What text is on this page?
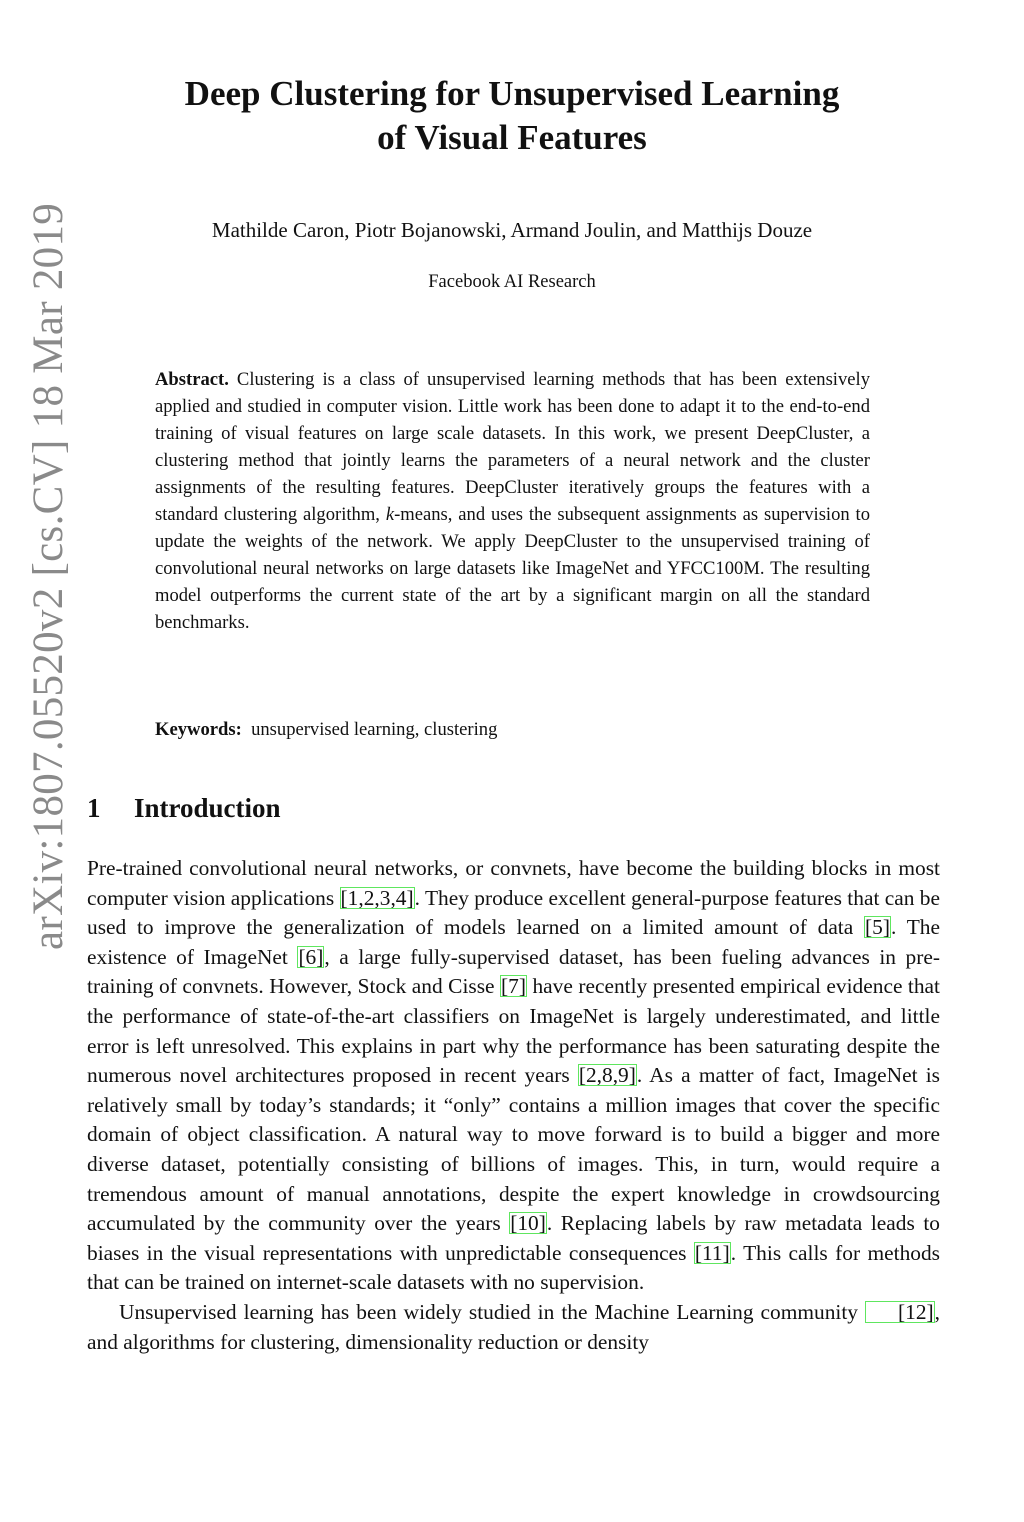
arXiv:1807.05520v2 [cs.CV] 18 Mar 2019
Deep Clustering for Unsupervised Learning
of Visual Features
Mathilde Caron, Piotr Bojanowski, Armand Joulin, and Matthijs Douze
Facebook AI Research
Abstract. Clustering is a class of unsupervised learning methods that has been extensively applied and studied in computer vision. Little work has been done to adapt it to the end-to-end training of visual features on large scale datasets. In this work, we present DeepCluster, a clustering method that jointly learns the parameters of a neural network and the cluster assignments of the resulting features. DeepCluster iteratively groups the features with a standard clustering algorithm, k-means, and uses the subsequent assignments as supervision to update the weights of the network. We apply DeepCluster to the unsupervised training of convolutional neural networks on large datasets like ImageNet and YFCC100M. The resulting model outperforms the current state of the art by a significant margin on all the standard benchmarks.
Keywords: unsupervised learning, clustering
1 Introduction

Pre-trained convolutional neural networks, or convnets, have become the building blocks in most computer vision applications [1,2,3,4]. They produce excellent general-purpose features that can be used to improve the generalization of models learned on a limited amount of data [5]. The existence of ImageNet [6], a large fully-supervised dataset, has been fueling advances in pre-training of convnets. However, Stock and Cisse [7] have recently presented empirical evidence that the performance of state-of-the-art classifiers on ImageNet is largely underestimated, and little error is left unresolved. This explains in part why the performance has been saturating despite the numerous novel architectures proposed in recent years [2,8,9]. As a matter of fact, ImageNet is relatively small by today’s standards; it “only” contains a million images that cover the specific domain of object classification. A natural way to move forward is to build a bigger and more diverse dataset, potentially consisting of billions of images. This, in turn, would require a tremendous amount of manual annotations, despite the expert knowledge in crowdsourcing accumulated by the community over the years [10]. Replacing labels by raw metadata leads to biases in the visual representations with unpredictable consequences [11]. This calls for methods that can be trained on internet-scale datasets with no supervision.

Unsupervised learning has been widely studied in the Machine Learning community [12], and algorithms for clustering, dimensionality reduction or density
